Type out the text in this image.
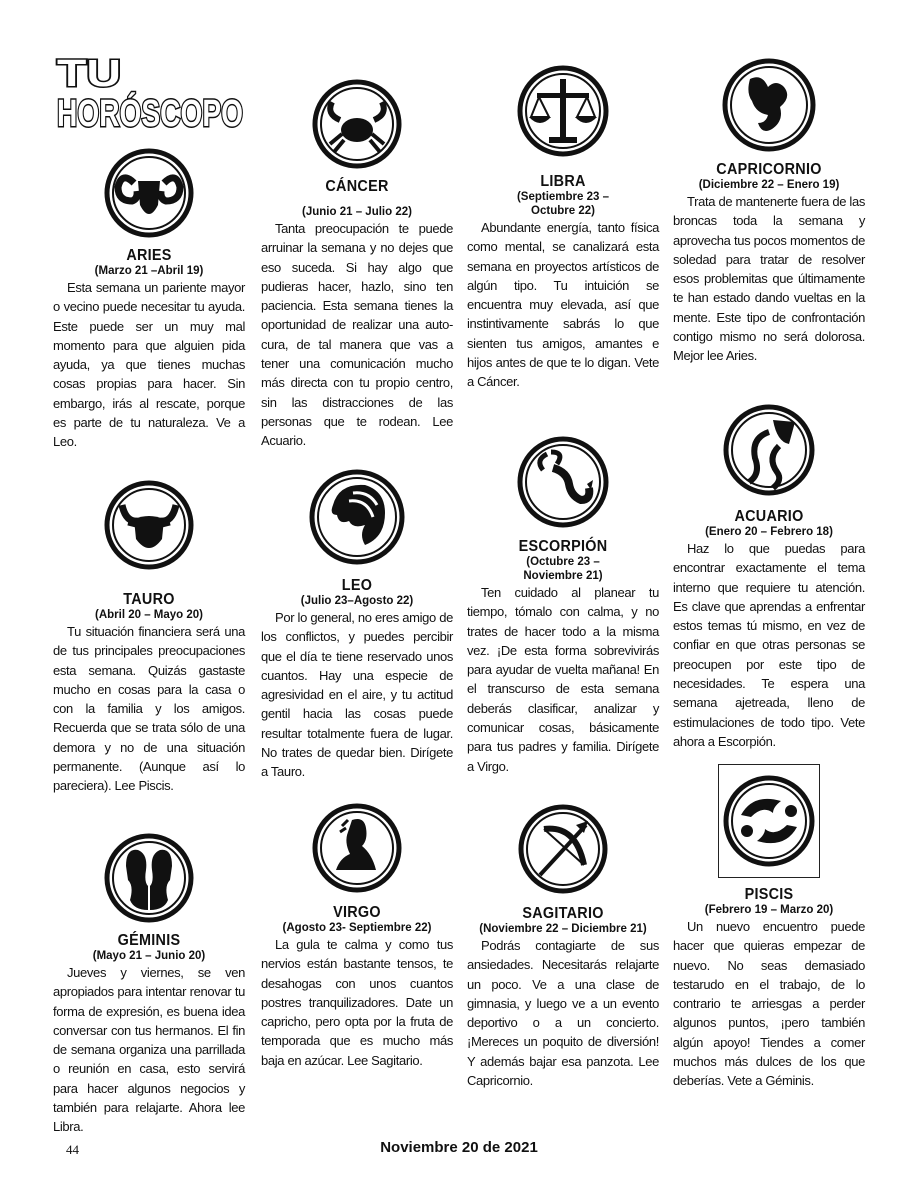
TU
HORÓSCOPO
ARIES
(Marzo 21 –Abril 19)
Esta semana un pariente mayor o vecino puede necesitar tu ayuda. Este puede ser un muy mal momento para que alguien pida ayuda, ya que tienes muchas cosas propias para hacer. Sin embargo, irás al rescate, porque es parte de tu naturaleza. Ve a Leo.
TAURO
(Abril 20 – Mayo 20)
Tu situación financiera será una de tus principales preocupaciones esta semana. Quizás gastaste mucho en cosas para la casa o con la familia y los amigos. Recuerda que se trata sólo de una demora y no de una situación permanente. (Aunque así lo pareciera). Lee Piscis.
GÉMINIS
(Mayo 21 – Junio 20)
Jueves y viernes, se ven apropiados para intentar renovar tu forma de expresión, es buena idea conversar con tus hermanos. El fin de semana organiza una parrillada o reunión en casa, esto servirá para hacer algunos negocios y también para relajarte. Ahora lee Libra.
CÁNCER
(Junio 21 – Julio 22)
Tanta preocupación te puede arruinar la semana y no dejes que eso suceda. Si hay algo que pudieras hacer, hazlo, sino ten paciencia. Esta semana tienes la oportunidad de realizar una auto-cura, de tal manera que vas a tener una comunicación mucho más directa con tu propio centro, sin las distracciones de las personas que te rodean. Lee Acuario.
LEO
(Julio 23–Agosto 22)
Por lo general, no eres amigo de los conflictos, y puedes percibir que el día te tiene reservado unos cuantos. Hay una especie de agresividad en el aire, y tu actitud gentil hacia las cosas puede resultar totalmente fuera de lugar. No trates de quedar bien. Dirígete a Tauro.
VIRGO
(Agosto 23- Septiembre 22)
La gula te calma y como tus nervios están bastante tensos, te desahogas con unos cuantos postres tranquilizadores. Date un capricho, pero opta por la fruta de temporada que es mucho más baja en azúcar. Lee Sagitario.
LIBRA
(Septiembre 23 – Octubre 22)
Abundante energía, tanto física como mental, se canalizará esta semana en proyectos artísticos de algún tipo. Tu intuición se encuentra muy elevada, así que instintivamente sabrás lo que sienten tus amigos, amantes e hijos antes de que te lo digan. Vete a Cáncer.
ESCORPIÓN
(Octubre 23 – Noviembre 21)
Ten cuidado al planear tu tiempo, tómalo con calma, y no trates de hacer todo a la misma vez. ¡De esta forma sobrevivirás para ayudar de vuelta mañana! En el transcurso de esta semana deberás clasificar, analizar y comunicar cosas, básicamente para tus padres y familia. Dirígete a Virgo.
SAGITARIO
(Noviembre 22 – Diciembre 21)
Podrás contagiarte de sus ansiedades. Necesitarás relajarte un poco. Ve a una clase de gimnasia, y luego ve a un evento deportivo o a un concierto. ¡Mereces un poquito de diversión! Y además bajar esa panzota. Lee Capricornio.
CAPRICORNIO
(Diciembre 22 – Enero 19)
Trata de mantenerte fuera de las broncas toda la semana y aprovecha tus pocos momentos de soledad para tratar de resolver esos problemitas que últimamente te han estado dando vueltas en la mente. Este tipo de confrontación contigo mismo no será dolorosa. Mejor lee Aries.
ACUARIO
(Enero 20 – Febrero 18)
Haz lo que puedas para encontrar exactamente el tema interno que requiere tu atención. Es clave que aprendas a enfrentar estos temas tú mismo, en vez de confiar en que otras personas se preocupen por este tipo de necesidades. Te espera una semana ajetreada, lleno de estimulaciones de todo tipo. Vete ahora a Escorpión.
PISCIS
(Febrero 19 – Marzo 20)
Un nuevo encuentro puede hacer que quieras empezar de nuevo. No seas demasiado testarudo en el trabajo, de lo contrario te arriesgas a perder algunos puntos, ¡pero también algún apoyo! Tiendes a comer muchos más dulces de los que deberías. Vete a Géminis.
44	Noviembre 20 de 2021
